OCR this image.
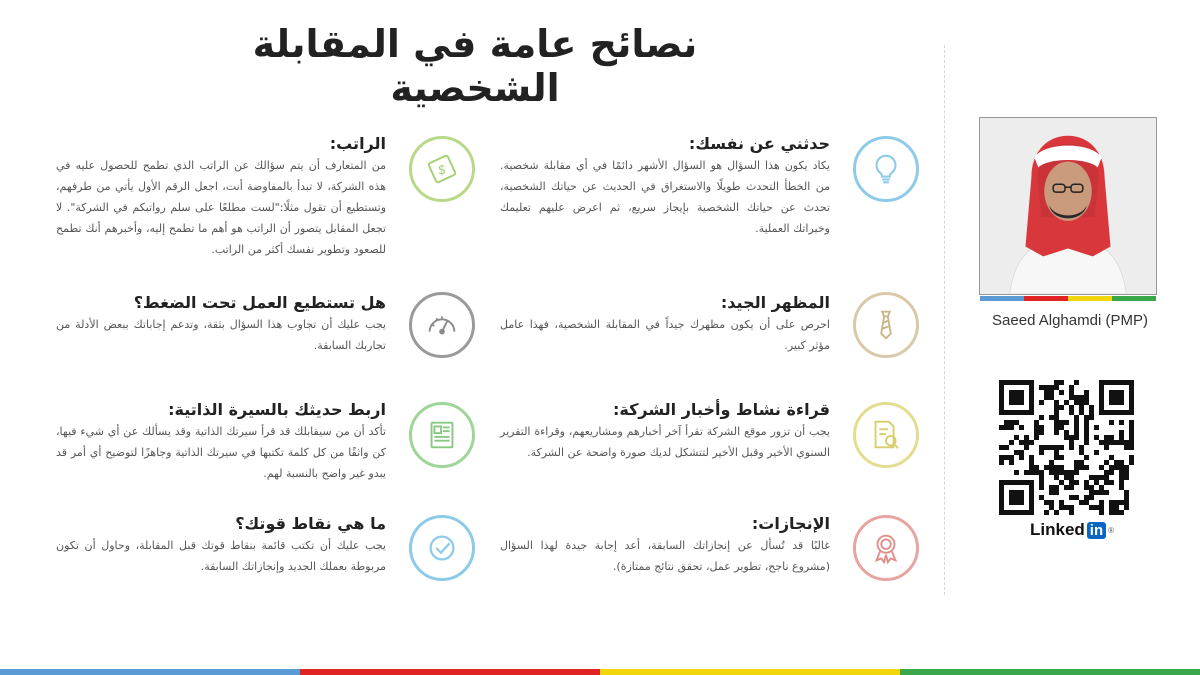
نصائح عامة في المقابلة الشخصية
حدثني عن نفسك:

يكاد يكون هذا السؤال هو السؤال الأشهر دائمًا في أي مقابلة شخصية. من الخطأ التحدث طويلًا والاستغراق في الحديث عن حياتك الشخصية، تحدث عن حياتك الشخصية بإيجاز سريع، ثم اعرض عليهم تعليمك وخبراتك العملية.

المظهر الجيد:

احرص على أن يكون مظهرك جيداً في المقابلة الشخصية، فهذا عامل مؤثر كبير.

قراءة نشاط وأخبار الشركة:

يجب أن تزور موقع الشركة تقرأ آخر أخبارهم ومشاريعهم، وقراءة التقرير السنوي الأخير وقبل الأخير لتتشكل لديك صورة واضحة عن الشركة.

الإنجازات:

غالبًا قد تُسأل عن إنجازاتك السابقة، أعد إجابة جيدة لهذا السؤال (مشروع ناجح، تطوير عمل، تحقق نتائج ممتازة).

الراتب:

من المتعارف أن يتم سؤالك عن الراتب الذي تطمح للحصول عليه في هذه الشركة، لا تبدأ بالمفاوضة أنت، اجعل الرقم الأول يأتي من طرفهم، وتستطيع أن تقول مثلًا:"لست مطلعًا على سلم رواتبكم في الشركة". لا تجعل المقابل يتصور أن الراتب هو أهم ما تطمح إليه، وأخبرهم أنك تطمح للصعود وتطوير نفسك أكثر من الراتب.

هل تستطيع العمل تحت الضغط؟

يجب عليك أن تجاوب هذا السؤال بثقة، وتدعم إجاباتك ببعض الأدلة من تجاربك السابقة.

اربط حديثك بالسيرة الذاتية:

تأكد أن من سيقابلك قد قرأ سيرتك الذاتية وقد يسألك عن أي شيء فيها، كن واثقًا من كل كلمة تكتبها في سيرتك الذاتية وجاهزًا لتوضيح أي أمر قد يبدو غير واضح بالنسبة لهم.

ما هي نقاط قوتك؟

يجب عليك أن تكتب قائمة بنقاط قوتك قبل المقابلة، وحاول أن تكون مربوطة بعملك الجديد وإنجازاتك السابقة.

$
Saeed Alghamdi (PMP)
Linked in ®
